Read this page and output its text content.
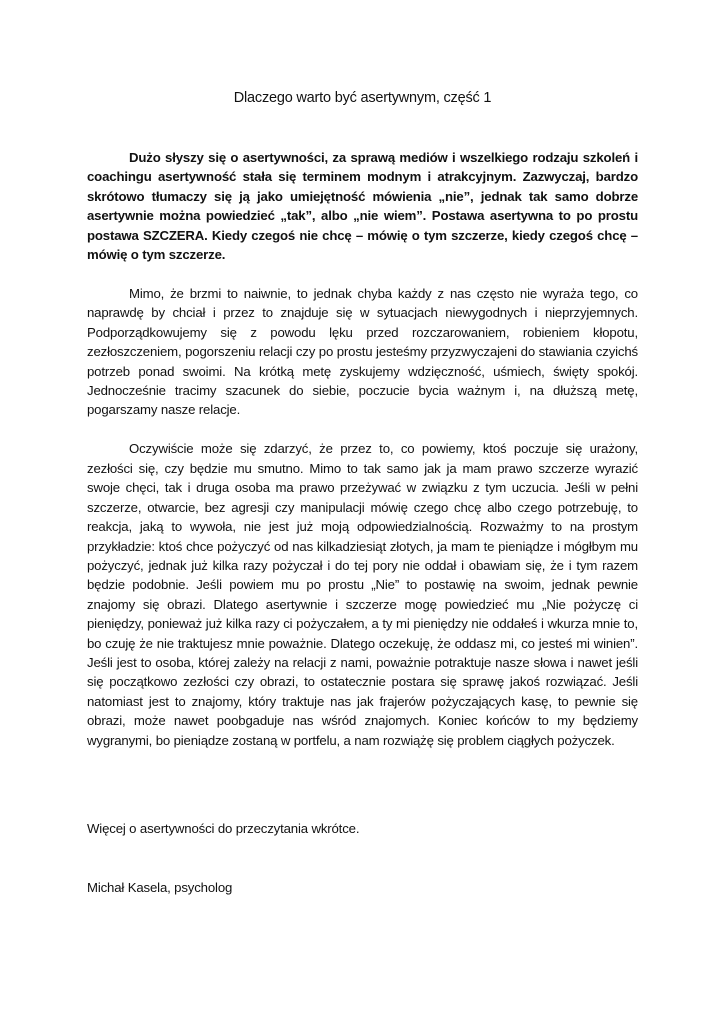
Dlaczego warto być asertywnym, część 1

Dużo słyszy się o asertywności, za sprawą mediów i wszelkiego rodzaju szkoleń i coachingu asertywność stała się terminem modnym i atrakcyjnym. Zazwyczaj, bardzo skrótowo tłumaczy się ją jako umiejętność mówienia „nie”, jednak tak samo dobrze asertywnie można powiedzieć „tak”, albo „nie wiem”. Postawa asertywna to po prostu postawa SZCZERA. Kiedy czegoś nie chcę – mówię o tym szczerze, kiedy czegoś chcę – mówię o tym szczerze.

Mimo, że brzmi to naiwnie, to jednak chyba każdy z nas często nie wyraża tego, co naprawdę by chciał i przez to znajduje się w sytuacjach niewygodnych i nieprzyjemnych. Podporządkowujemy się z powodu lęku przed rozczarowaniem, robieniem kłopotu, zezłoszczeniem, pogorszeniu relacji czy po prostu jesteśmy przyzwyczajeni do stawiania czyichś potrzeb ponad swoimi. Na krótką metę zyskujemy wdzięczność, uśmiech, święty spokój. Jednocześnie tracimy szacunek do siebie, poczucie bycia ważnym i, na dłuższą metę, pogarszamy nasze relacje.

Oczywiście może się zdarzyć, że przez to, co powiemy, ktoś poczuje się urażony, zezłości się, czy będzie mu smutno. Mimo to tak samo jak ja mam prawo szczerze wyrazić swoje chęci, tak i druga osoba ma prawo przeżywać w związku z tym uczucia. Jeśli w pełni szczerze, otwarcie, bez agresji czy manipulacji mówię czego chcę albo czego potrzebuję, to reakcja, jaką to wywoła, nie jest już moją odpowiedzialnością. Rozważmy to na prostym przykładzie: ktoś chce pożyczyć od nas kilkadziesiąt złotych, ja mam te pieniądze i mógłbym mu pożyczyć, jednak już kilka razy pożyczał i do tej pory nie oddał i obawiam się, że i tym razem będzie podobnie. Jeśli powiem mu po prostu „Nie” to postawię na swoim, jednak pewnie znajomy się obrazi. Dlatego asertywnie i szczerze mogę powiedzieć mu „Nie pożyczę ci pieniędzy, ponieważ już kilka razy ci pożyczałem, a ty mi pieniędzy nie oddałeś i wkurza mnie to, bo czuję że nie traktujesz mnie poważnie. Dlatego oczekuję, że oddasz mi, co jesteś mi winien”. Jeśli jest to osoba, której zależy na relacji z nami, poważnie potraktuje nasze słowa i nawet jeśli się początkowo zezłości czy obrazi, to ostatecznie postara się sprawę jakoś rozwiązać. Jeśli natomiast jest to znajomy, który traktuje nas jak frajerów pożyczających kasę, to pewnie się obrazi, może nawet poobgaduje nas wśród znajomych. Koniec końców to my będziemy wygranymi, bo pieniądze zostaną w portfelu, a nam rozwiążę się problem ciągłych pożyczek.

Więcej o asertywności do przeczytania wkrótce.
Michał Kasela, psycholog
